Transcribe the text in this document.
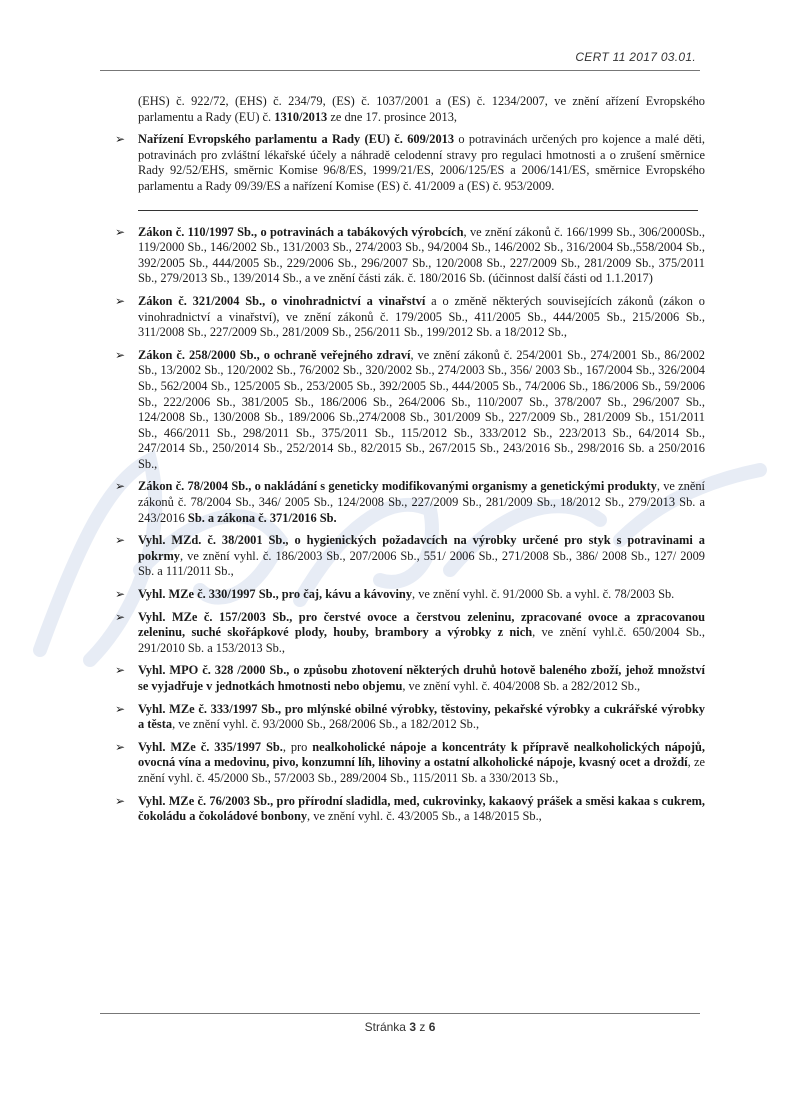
CERT 11 2017 03.01.
(EHS) č. 922/72, (EHS) č. 234/79, (ES) č. 1037/2001 a (ES) č. 1234/2007, ve znění ařízení Evropského parlamentu a Rady (EU) č. 1310/2013 ze dne 17. prosince 2013,
➢ Nařízení Evropského parlamentu a Rady (EU) č. 609/2013 o potravinách určených pro kojence a malé děti, potravinách pro zvláštní lékařské účely a náhradě celodenní stravy pro regulaci hmotnosti a o zrušení směrnice Rady 92/52/EHS, směrnic Komise 96/8/ES, 1999/21/ES, 2006/125/ES a 2006/141/ES, směrnice Evropského parlamentu a Rady 09/39/ES a nařízení Komise (ES) č. 41/2009 a (ES) č. 953/2009.
➢ Zákon č. 110/1997 Sb., o potravinách a tabákových výrobcích, ve znění zákonů č. 166/1999 Sb., 306/2000Sb., 119/2000 Sb., 146/2002 Sb., 131/2003 Sb., 274/2003 Sb., 94/2004 Sb., 146/2002 Sb., 316/2004 Sb.,558/2004 Sb., 392/2005 Sb., 444/2005 Sb., 229/2006 Sb., 296/2007 Sb., 120/2008 Sb., 227/2009 Sb., 281/2009 Sb., 375/2011 Sb., 279/2013 Sb., 139/2014 Sb., a ve znění části zák. č. 180/2016 Sb. (účinnost další části od 1.1.2017)
➢ Zákon č. 321/2004 Sb., o vinohradnictví a vinařství a o změně některých souvisejících zákonů (zákon o vinohradnictví a vinařství), ve znění zákonů č. 179/2005 Sb., 411/2005 Sb., 444/2005 Sb., 215/2006 Sb., 311/2008 Sb., 227/2009 Sb., 281/2009 Sb., 256/2011 Sb., 199/2012 Sb. a 18/2012 Sb.,
➢ Zákon č. 258/2000 Sb., o ochraně veřejného zdraví, ve znění zákonů č. 254/2001 Sb., 274/2001 Sb., 86/2002 Sb., 13/2002 Sb., 120/2002 Sb., 76/2002 Sb., 320/2002 Sb., 274/2003 Sb., 356/ 2003 Sb., 167/2004 Sb., 326/2004 Sb., 562/2004 Sb., 125/2005 Sb., 253/2005 Sb., 392/2005 Sb., 444/2005 Sb., 74/2006 Sb., 186/2006 Sb., 59/2006 Sb., 222/2006 Sb., 381/2005 Sb., 186/2006 Sb., 264/2006 Sb., 110/2007 Sb., 378/2007 Sb., 296/2007 Sb., 124/2008 Sb., 130/2008 Sb., 189/2006 Sb.,274/2008 Sb., 301/2009 Sb., 227/2009 Sb., 281/2009 Sb., 151/2011 Sb., 466/2011 Sb., 298/2011 Sb., 375/2011 Sb., 115/2012 Sb., 333/2012 Sb., 223/2013 Sb., 64/2014 Sb., 247/2014 Sb., 250/2014 Sb., 252/2014 Sb., 82/2015 Sb., 267/2015 Sb., 243/2016 Sb., 298/2016 Sb. a 250/2016 Sb.,
➢ Zákon č. 78/2004 Sb., o nakládání s geneticky modifikovanými organismy a genetickými produkty, ve znění zákonů č. 78/2004 Sb., 346/ 2005 Sb., 124/2008 Sb., 227/2009 Sb., 281/2009 Sb., 18/2012 Sb., 279/2013 Sb. a 243/2016 Sb. a zákona č. 371/2016 Sb.
➢ Vyhl. MZd. č. 38/2001 Sb., o hygienických požadavcích na výrobky určené pro styk s potravinami a pokrmy, ve znění vyhl. č. 186/2003 Sb., 207/2006 Sb., 551/ 2006 Sb., 271/2008 Sb., 386/ 2008 Sb., 127/ 2009 Sb. a 111/2011 Sb.,
➢ Vyhl. MZe č. 330/1997 Sb., pro čaj, kávu a kávoviny, ve znění vyhl. č. 91/2000 Sb. a vyhl. č. 78/2003 Sb.
➢ Vyhl. MZe č. 157/2003 Sb., pro čerstvé ovoce a čerstvou zeleninu, zpracované ovoce a zpracovanou zeleninu, suché skořápkové plody, houby, brambory a výrobky z nich, ve znění vyhl.č. 650/2004 Sb., 291/2010 Sb. a 153/2013 Sb.,
➢ Vyhl. MPO č. 328 /2000 Sb., o způsobu zhotovení některých druhů hotově baleného zboží, jehož množství se vyjadřuje v jednotkách hmotnosti nebo objemu, ve znění vyhl. č. 404/2008 Sb. a 282/2012 Sb.,
➢ Vyhl. MZe č. 333/1997 Sb., pro mlýnské obilné výrobky, těstoviny, pekařské výrobky a cukrářské výrobky a těsta, ve znění vyhl. č. 93/2000 Sb., 268/2006 Sb., a 182/2012 Sb.,
➢ Vyhl. MZe č. 335/1997 Sb., pro nealkoholické nápoje a koncentráty k přípravě nealkoholických nápojů, ovocná vína a medovinu, pivo, konzumní líh, lihoviny a ostatní alkoholické nápoje, kvasný ocet a droždí, ze znění vyhl. č. 45/2000 Sb., 57/2003 Sb., 289/2004 Sb., 115/2011 Sb. a 330/2013 Sb.,
➢ Vyhl. MZe č. 76/2003 Sb., pro přírodní sladidla, med, cukrovinky, kakaový prášek a směsi kakaa s cukrem, čokoládu a čokoládové bonbony, ve znění vyhl. č. 43/2005 Sb., a 148/2015 Sb.,
Stránka 3 z 6
